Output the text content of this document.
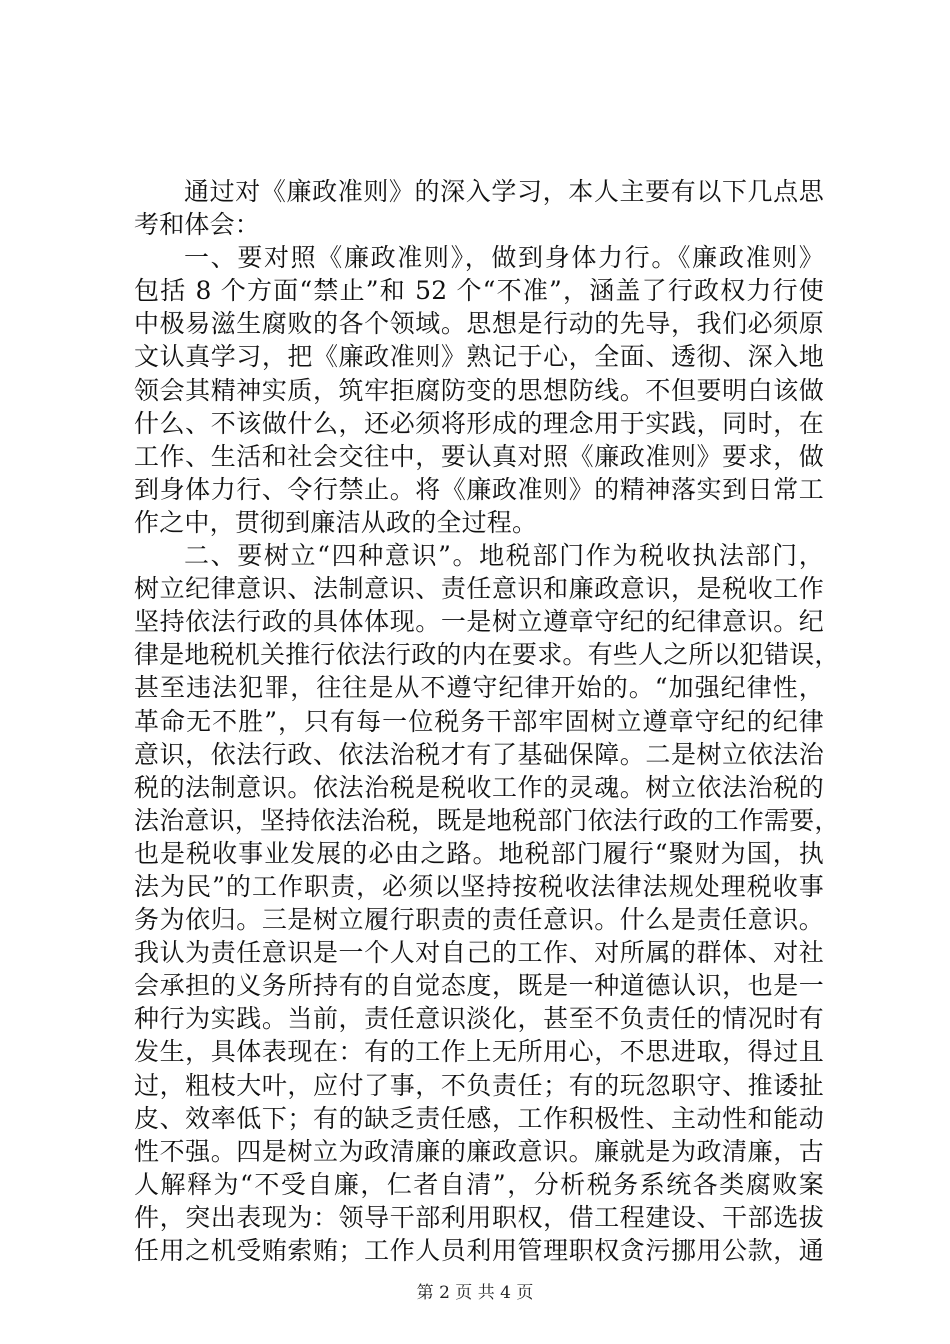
通过对《廉政准则》的深入学习，本人主要有以下几点思
考和体会：
一、要对照《廉政准则》，做到身体力行。《廉政准则》
包括 8 个方面“禁止”和 52 个“不准”，涵盖了行政权力行使
中极易滋生腐败的各个领域。思想是行动的先导，我们必须原
文认真学习，把《廉政准则》熟记于心，全面、透彻、深入地
领会其精神实质，筑牢拒腐防变的思想防线。不但要明白该做
什么、不该做什么，还必须将形成的理念用于实践，同时，在
工作、生活和社会交往中，要认真对照《廉政准则》要求，做
到身体力行、令行禁止。将《廉政准则》的精神落实到日常工
作之中，贯彻到廉洁从政的全过程。
二、要树立“四种意识”。地税部门作为税收执法部门，
树立纪律意识、法制意识、责任意识和廉政意识，是税收工作
坚持依法行政的具体体现。一是树立遵章守纪的纪律意识。纪
律是地税机关推行依法行政的内在要求。有些人之所以犯错误，
甚至违法犯罪，往往是从不遵守纪律开始的。“加强纪律性，
革命无不胜”，只有每一位税务干部牢固树立遵章守纪的纪律
意识，依法行政、依法治税才有了基础保障。二是树立依法治
税的法制意识。依法治税是税收工作的灵魂。树立依法治税的
法治意识，坚持依法治税，既是地税部门依法行政的工作需要，
也是税收事业发展的必由之路。地税部门履行“聚财为国，执
法为民”的工作职责，必须以坚持按税收法律法规处理税收事
务为依归。三是树立履行职责的责任意识。什么是责任意识。
我认为责任意识是一个人对自己的工作、对所属的群体、对社
会承担的义务所持有的自觉态度，既是一种道德认识，也是一
种行为实践。当前，责任意识淡化，甚至不负责任的情况时有
发生，具体表现在：有的工作上无所用心，不思进取，得过且
过，粗枝大叶，应付了事，不负责任；有的玩忽职守、推诿扯
皮、效率低下；有的缺乏责任感，工作积极性、主动性和能动
性不强。四是树立为政清廉的廉政意识。廉就是为政清廉，古
人解释为“不受自廉，仁者自清”，分析税务系统各类腐败案
件，突出表现为：领导干部利用职权，借工程建设、干部选拔
任用之机受贿索贿；工作人员利用管理职权贪污挪用公款，通
第 2 页 共 4 页
